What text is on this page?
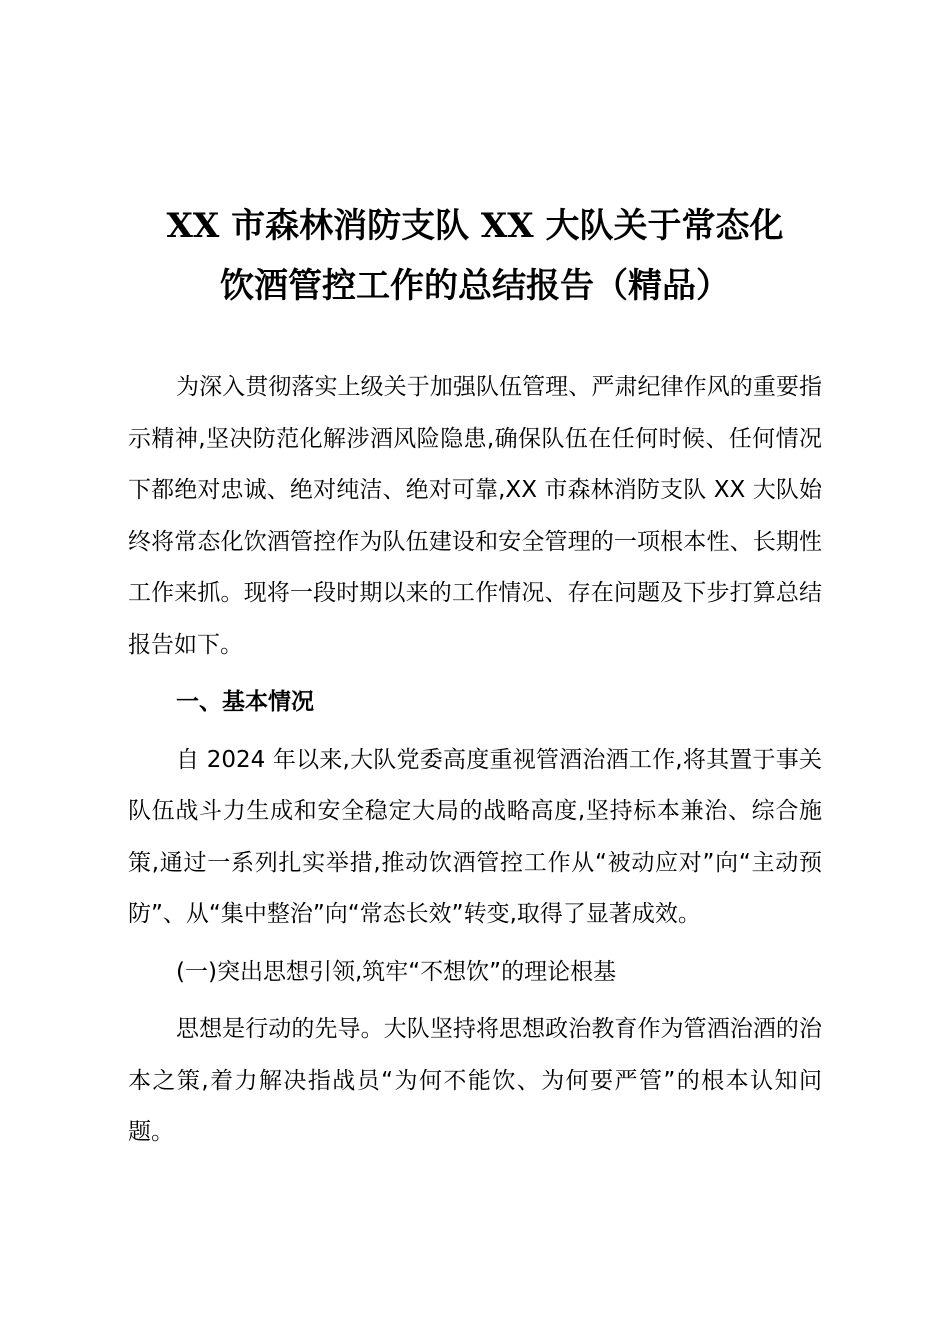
XX 市森林消防支队 XX 大队关于常态化
饮酒管控工作的总结报告（精品）

为深入贯彻落实上级关于加强队伍管理、严肃纪律作风的重要指示精神,坚决防范化解涉酒风险隐患,确保队伍在任何时候、任何情况下都绝对忠诚、绝对纯洁、绝对可靠,XX 市森林消防支队 XX 大队始终将常态化饮酒管控作为队伍建设和安全管理的一项根本性、长期性工作来抓。现将一段时期以来的工作情况、存在问题及下步打算总结报告如下。

一、基本情况

自 2024 年以来,大队党委高度重视管酒治酒工作,将其置于事关队伍战斗力生成和安全稳定大局的战略高度,坚持标本兼治、综合施策,通过一系列扎实举措,推动饮酒管控工作从“被动应对”向“主动预防”、从“集中整治”向“常态长效”转变,取得了显著成效。

(一)突出思想引领,筑牢“不想饮”的理论根基

思想是行动的先导。大队坚持将思想政治教育作为管酒治酒的治本之策,着力解决指战员“为何不能饮、为何要严管”的根本认知问题。
